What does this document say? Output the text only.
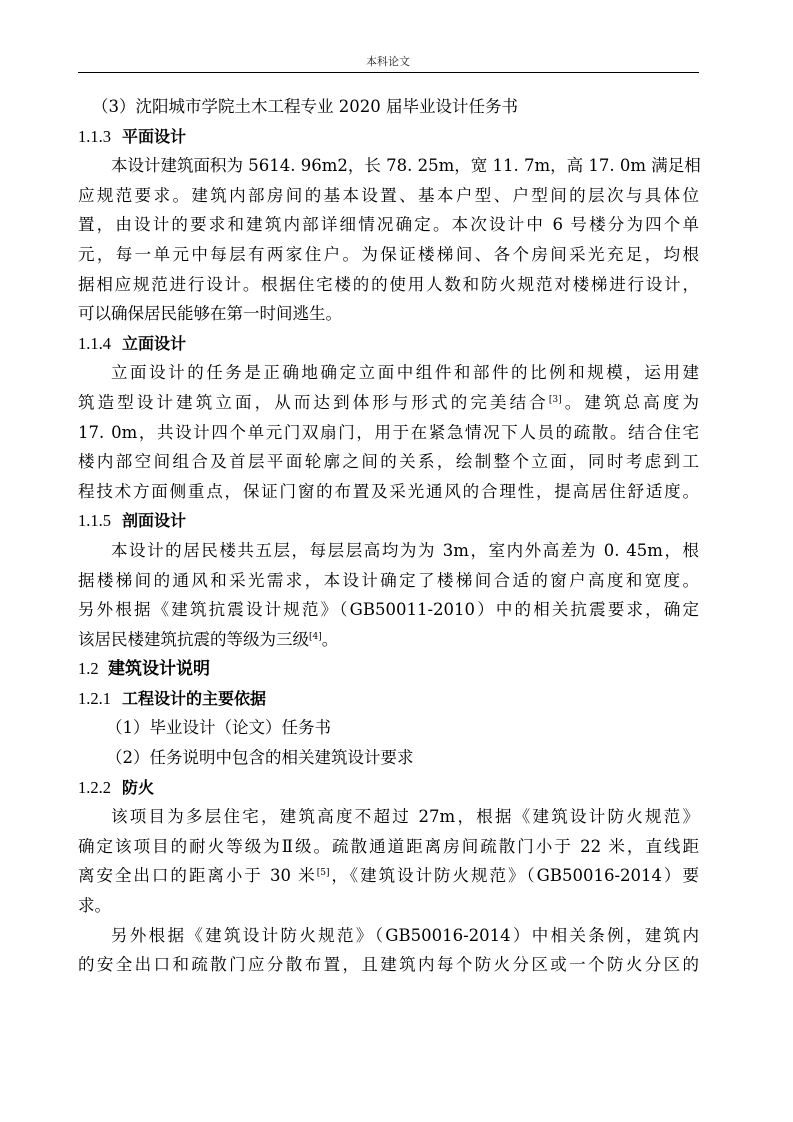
本科论文
（3）沈阳城市学院土木工程专业 2020 届毕业设计任务书
1.1.3 平面设计
本设计建筑面积为 5614. 96m2，长 78. 25m，宽 11. 7m，高 17. 0m 满足相
应规范要求。建筑内部房间的基本设置、基本户型、户型间的层次与具体位
置，由设计的要求和建筑内部详细情况确定。本次设计中 6 号楼分为四个单
元，每一单元中每层有两家住户。为保证楼梯间、各个房间采光充足，均根
据相应规范进行设计。根据住宅楼的的使用人数和防火规范对楼梯进行设计，
可以确保居民能够在第一时间逃生。
1.1.4 立面设计
立面设计的任务是正确地确定立面中组件和部件的比例和规模，运用建
筑造型设计建筑立面，从而达到体形与形式的完美结合[3]。建筑总高度为
17. 0m，共设计四个单元门双扇门，用于在紧急情况下人员的疏散。结合住宅
楼内部空间组合及首层平面轮廓之间的关系，绘制整个立面，同时考虑到工
程技术方面侧重点，保证门窗的布置及采光通风的合理性，提高居住舒适度。
1.1.5 剖面设计
本设计的居民楼共五层，每层层高均为为 3m，室内外高差为 0. 45m，根
据楼梯间的通风和采光需求，本设计确定了楼梯间合适的窗户高度和宽度。
另外根据《建筑抗震设计规范》（GB50011-2010）中的相关抗震要求，确定
该居民楼建筑抗震的等级为三级[4]。
1.2 建筑设计说明
1.2.1 工程设计的主要依据
（1）毕业设计（论文）任务书
（2）任务说明中包含的相关建筑设计要求
1.2.2 防火
该项目为多层住宅，建筑高度不超过 27m，根据《建筑设计防火规范》
确定该项目的耐火等级为Ⅱ级。疏散通道距离房间疏散门小于 22 米，直线距
离安全出口的距离小于 30 米[5]，《建筑设计防火规范》（GB50016-2014）要
求。
另外根据《建筑设计防火规范》（GB50016-2014）中相关条例，建筑内
的安全出口和疏散门应分散布置，且建筑内每个防火分区或一个防火分区的
